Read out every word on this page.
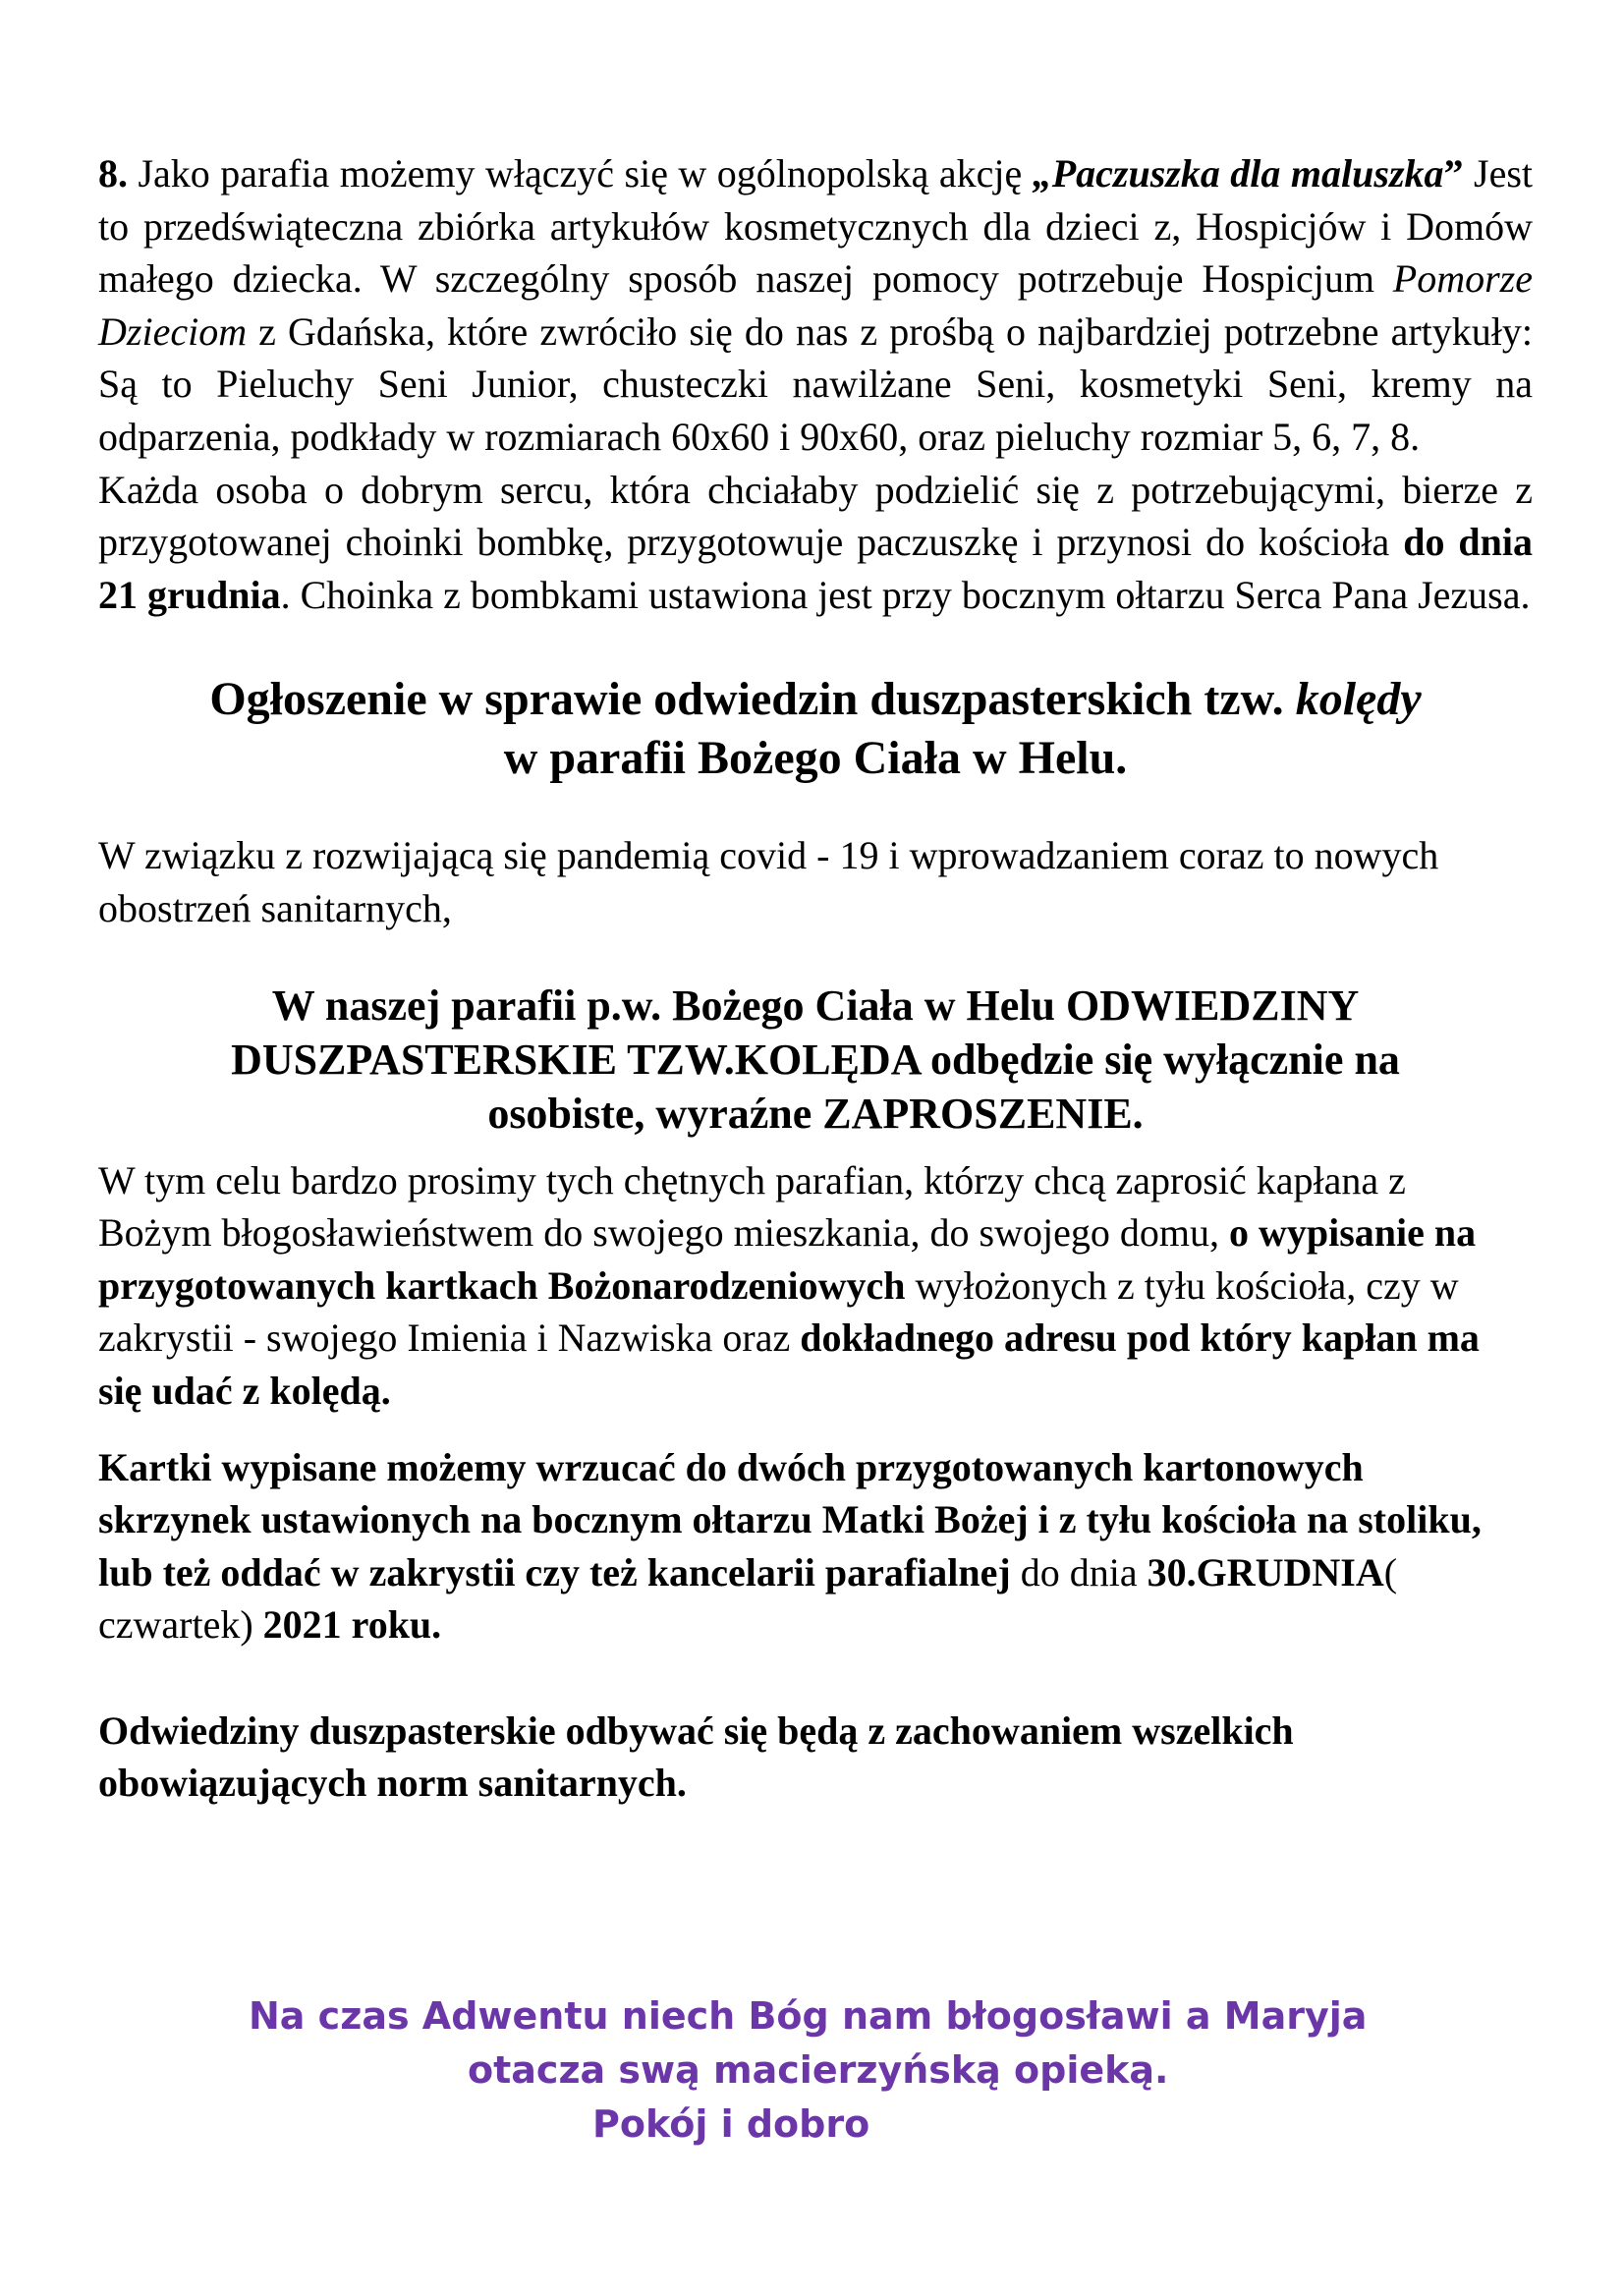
8. Jako parafia możemy włączyć się w ogólnopolską akcję „Paczuszka dla maluszka” Jest to przedświąteczna zbiórka artykułów kosmetycznych dla dzieci z, Hospicjów i Domów małego dziecka. W szczególny sposób naszej pomocy potrzebuje Hospicjum Pomorze Dzieciom z Gdańska, które zwróciło się do nas z prośbą o najbardziej potrzebne artykuły: Są to Pieluchy Seni Junior, chusteczki nawilżane Seni, kosmetyki Seni, kremy na odparzenia, podkłady w rozmiarach 60x60 i 90x60, oraz pieluchy rozmiar 5, 6, 7, 8.

Każda osoba o dobrym sercu, która chciałaby podzielić się z potrzebującymi, bierze z przygotowanej choinki bombkę, przygotowuje paczuszkę i przynosi do kościoła do dnia 21 grudnia. Choinka z bombkami ustawiona jest przy bocznym ołtarzu Serca Pana Jezusa.

Ogłoszenie w sprawie odwiedzin duszpasterskich tzw. kolędy
w parafii Bożego Ciała w Helu.

W związku z rozwijającą się pandemią covid - 19 i wprowadzaniem coraz to nowych obostrzeń sanitarnych,

W naszej parafii p.w. Bożego Ciała w Helu ODWIEDZINY
DUSZPASTERSKIE TZW.KOLĘDA odbędzie się wyłącznie na
osobiste, wyraźne ZAPROSZENIE.

W tym celu bardzo prosimy tych chętnych parafian, którzy chcą zaprosić kapłana z Bożym błogosławieństwem do swojego mieszkania, do swojego domu, o wypisanie na przygotowanych kartkach Bożonarodzeniowych wyłożonych z tyłu kościoła, czy w zakrystii - swojego Imienia i Nazwiska oraz dokładnego adresu pod który kapłan ma się udać z kolędą.

Kartki wypisane możemy wrzucać do dwóch przygotowanych kartonowych skrzynek ustawionych na bocznym ołtarzu Matki Bożej i z tyłu kościoła na stoliku, lub też oddać w zakrystii czy też kancelarii parafialnej do dnia 30.GRUDNIA( czwartek) 2021 roku.

Odwiedziny duszpasterskie odbywać się będą z zachowaniem wszelkich obowiązujących norm sanitarnych.

Na czas Adwentu niech Bóg nam błogosławi a Maryja
otacza swą macierzyńską opieką.
Pokój i dobro
